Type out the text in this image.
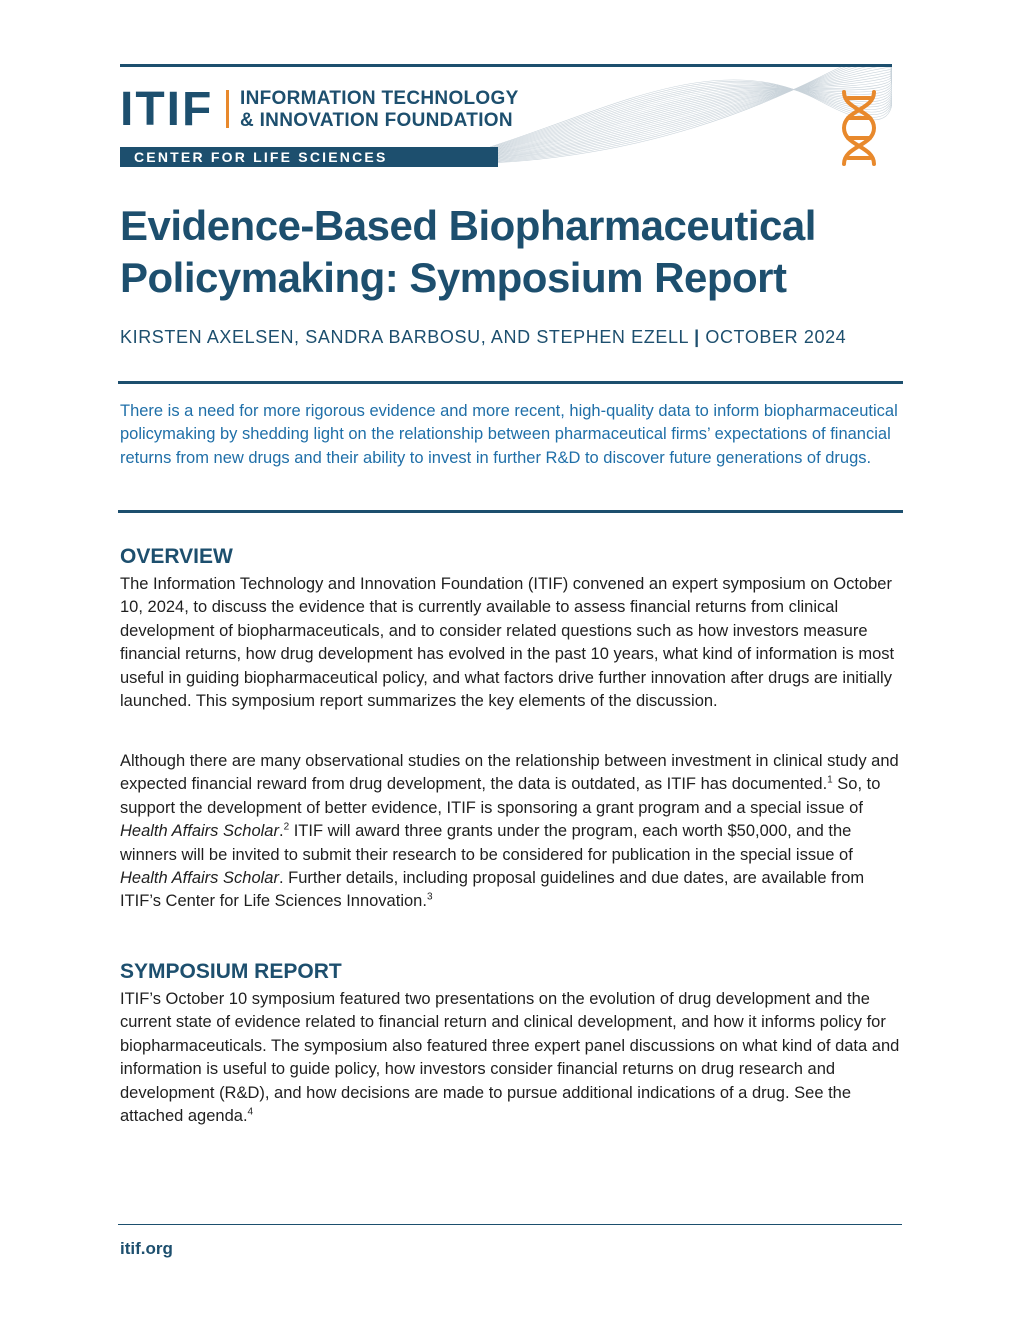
ITIF INFORMATION TECHNOLOGY
& INNOVATION FOUNDATION
CENTER FOR LIFE SCIENCES INNOVATION
Evidence-Based Biopharmaceutical
Policymaking: Symposium Report
KIRSTEN AXELSEN, SANDRA BARBOSU, AND STEPHEN EZELL | OCTOBER 2024

There is a need for more rigorous evidence and more recent, high-quality data to inform biopharmaceutical policymaking by shedding light on the relationship between pharmaceutical firms’ expectations of financial returns from new drugs and their ability to invest in further R&D to discover future generations of drugs.

OVERVIEW

The Information Technology and Innovation Foundation (ITIF) convened an expert symposium on October 10, 2024, to discuss the evidence that is currently available to assess financial returns from clinical development of biopharmaceuticals, and to consider related questions such as how investors measure financial returns, how drug development has evolved in the past 10 years, what kind of information is most useful in guiding biopharmaceutical policy, and what factors drive further innovation after drugs are initially launched. This symposium report summarizes the key elements of the discussion.

Although there are many observational studies on the relationship between investment in clinical study and expected financial reward from drug development, the data is outdated, as ITIF has documented.$^1$ So, to support the development of better evidence, ITIF is sponsoring a grant program and a special issue of Health Affairs Scholar.$^2$ ITIF will award three grants under the program, each worth $50,000, and the winners will be invited to submit their research to be considered for publication in the special issue of Health Affairs Scholar. Further details, including proposal guidelines and due dates, are available from ITIF’s Center for Life Sciences Innovation.$^3$

SYMPOSIUM REPORT

ITIF’s October 10 symposium featured two presentations on the evolution of drug development and the current state of evidence related to financial return and clinical development, and how it informs policy for biopharmaceuticals. The symposium also featured three expert panel discussions on what kind of data and information is useful to guide policy, how investors consider financial returns on drug research and development (R&D), and how decisions are made to pursue additional indications of a drug. See the attached agenda.$^4$

itif.org
